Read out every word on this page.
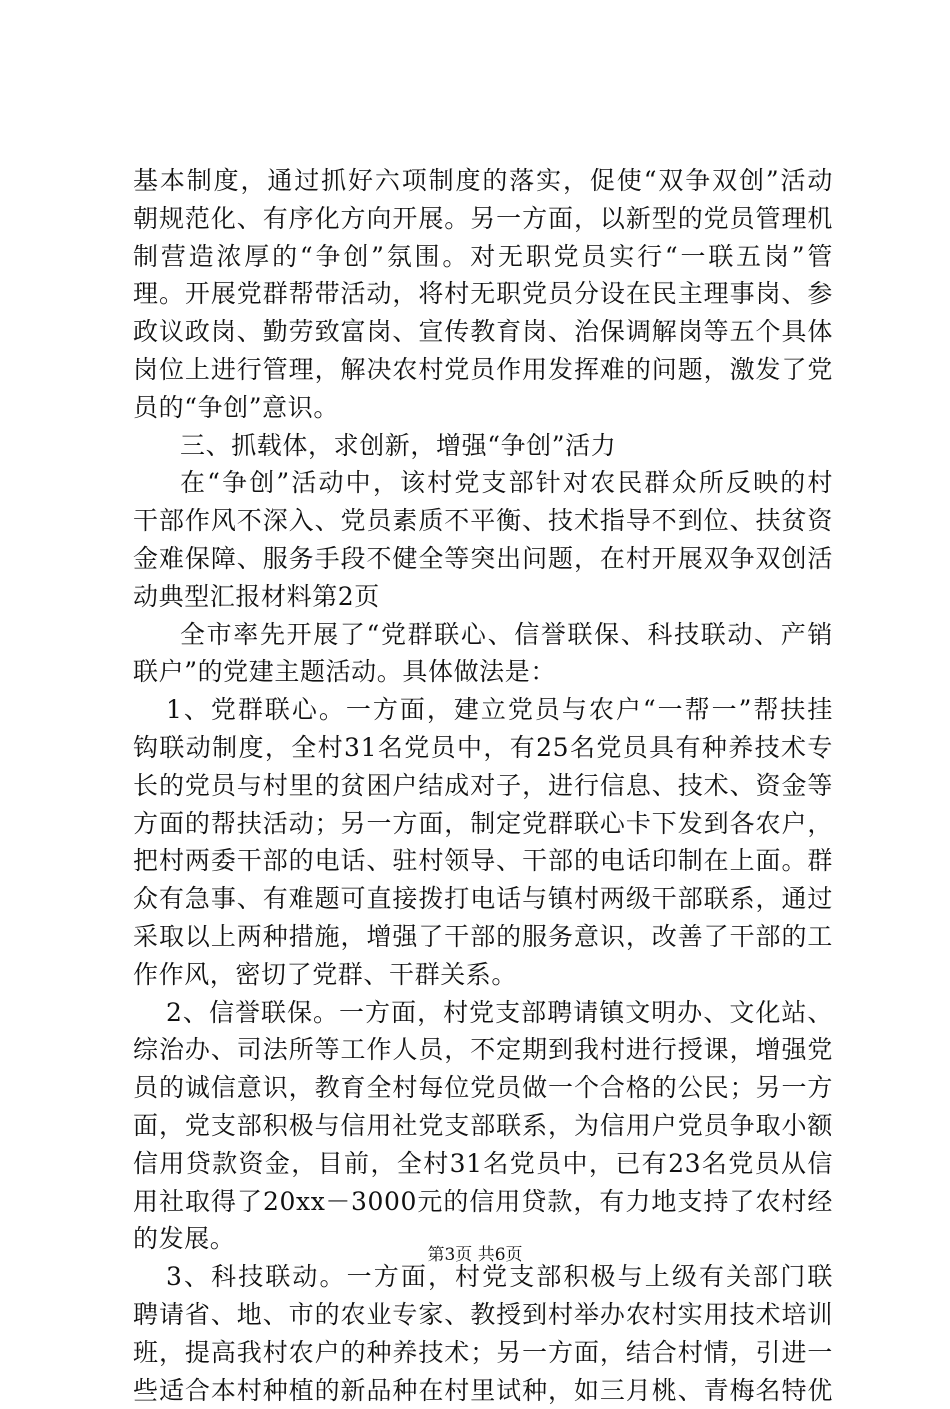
基本制度，通过抓好六项制度的落实，促使“双争双创”活动
朝规范化、有序化方向开展。另一方面，以新型的党员管理机
制营造浓厚的“争创”氛围。对无职党员实行“一联五岗”管
理。开展党群帮带活动，将村无职党员分设在民主理事岗、参
政议政岗、勤劳致富岗、宣传教育岗、治保调解岗等五个具体
岗位上进行管理，解决农村党员作用发挥难的问题，激发了党
员的“争创”意识。
三、抓载体，求创新，增强“争创”活力
在“争创”活动中，该村党支部针对农民群众所反映的村
干部作风不深入、党员素质不平衡、技术指导不到位、扶贫资
金难保障、服务手段不健全等突出问题，在村开展双争双创活
动典型汇报材料第2页
全市率先开展了“党群联心、信誉联保、科技联动、产销
联户”的党建主题活动。具体做法是：
1、党群联心。一方面，建立党员与农户“一帮一”帮扶挂
钩联动制度，全村31名党员中，有25名党员具有种养技术专
长的党员与村里的贫困户结成对子，进行信息、技术、资金等
方面的帮扶活动；另一方面，制定党群联心卡下发到各农户，
把村两委干部的电话、驻村领导、干部的电话印制在上面。群
众有急事、有难题可直接拨打电话与镇村两级干部联系，通过
采取以上两种措施，增强了干部的服务意识，改善了干部的工
作作风，密切了党群、干群关系。
2、信誉联保。一方面，村党支部聘请镇文明办、文化站、
综治办、司法所等工作人员，不定期到我村进行授课，增强党
员的诚信意识，教育全村每位党员做一个合格的公民；另一方
面，党支部积极与信用社党支部联系，为信用户党员争取小额
信用贷款资金，目前，全村31名党员中，已有23名党员从信
用社取得了20xx－3000元的信用贷款，有力地支持了农村经
的发展。
3、科技联动。一方面，村党支部积极与上级有关部门联
聘请省、地、市的农业专家、教授到村举办农村实用技术培训
班，提高我村农户的种养技术；另一方面，结合村情，引进一
些适合本村种植的新品种在村里试种，如三月桃、青梅名特优
第3页 共6页
